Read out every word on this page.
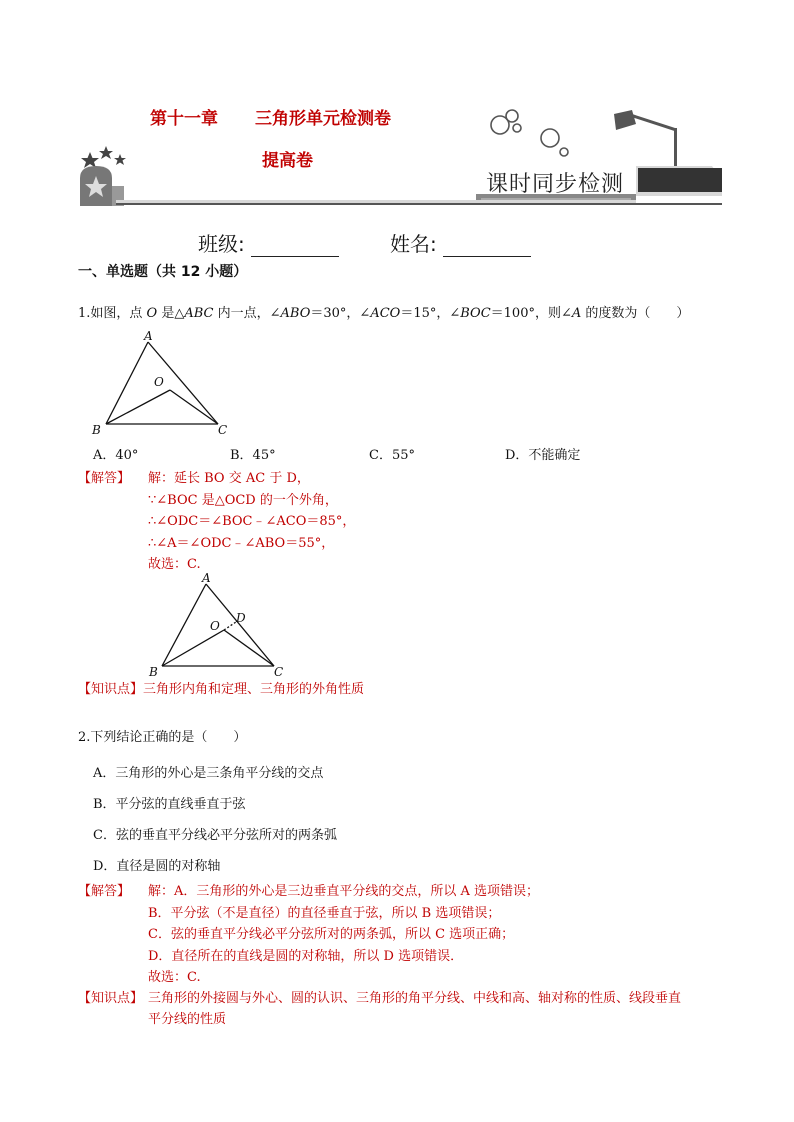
第十一章 三角形单元检测卷
提高卷
课时同步检测
班级:	姓名:
一、单选题（共 12 小题）
1.如图，点 O 是△ABC 内一点，∠ABO＝30°，∠ACO＝15°，∠BOC＝100°，则∠A 的度数为（　　）
A
O
B	C
A．40°	B．45°	C．55°	D．不能确定
【解答】 解：延长 BO 交 AC 于 D，
∵∠BOC 是△OCD 的一个外角，
∴∠ODC＝∠BOC﹣∠ACO＝85°，
∴∠A＝∠ODC﹣∠ABO＝55°，
故选：C.
A
D
O
B	C
【知识点】三角形内角和定理、三角形的外角性质
2.下列结论正确的是（　　）
A．三角形的外心是三条角平分线的交点
B．平分弦的直线垂直于弦
C．弦的垂直平分线必平分弦所对的两条弧
D．直径是圆的对称轴
【解答】 解：A．三角形的外心是三边垂直平分线的交点，所以 A 选项错误；
B．平分弦（不是直径）的直径垂直于弦，所以 B 选项错误；
C．弦的垂直平分线必平分弦所对的两条弧，所以 C 选项正确；
D．直径所在的直线是圆的对称轴，所以 D 选项错误．
故选：C.
【知识点】 三角形的外接圆与外心、圆的认识、三角形的角平分线、中线和高、轴对称的性质、线段垂直
平分线的性质
